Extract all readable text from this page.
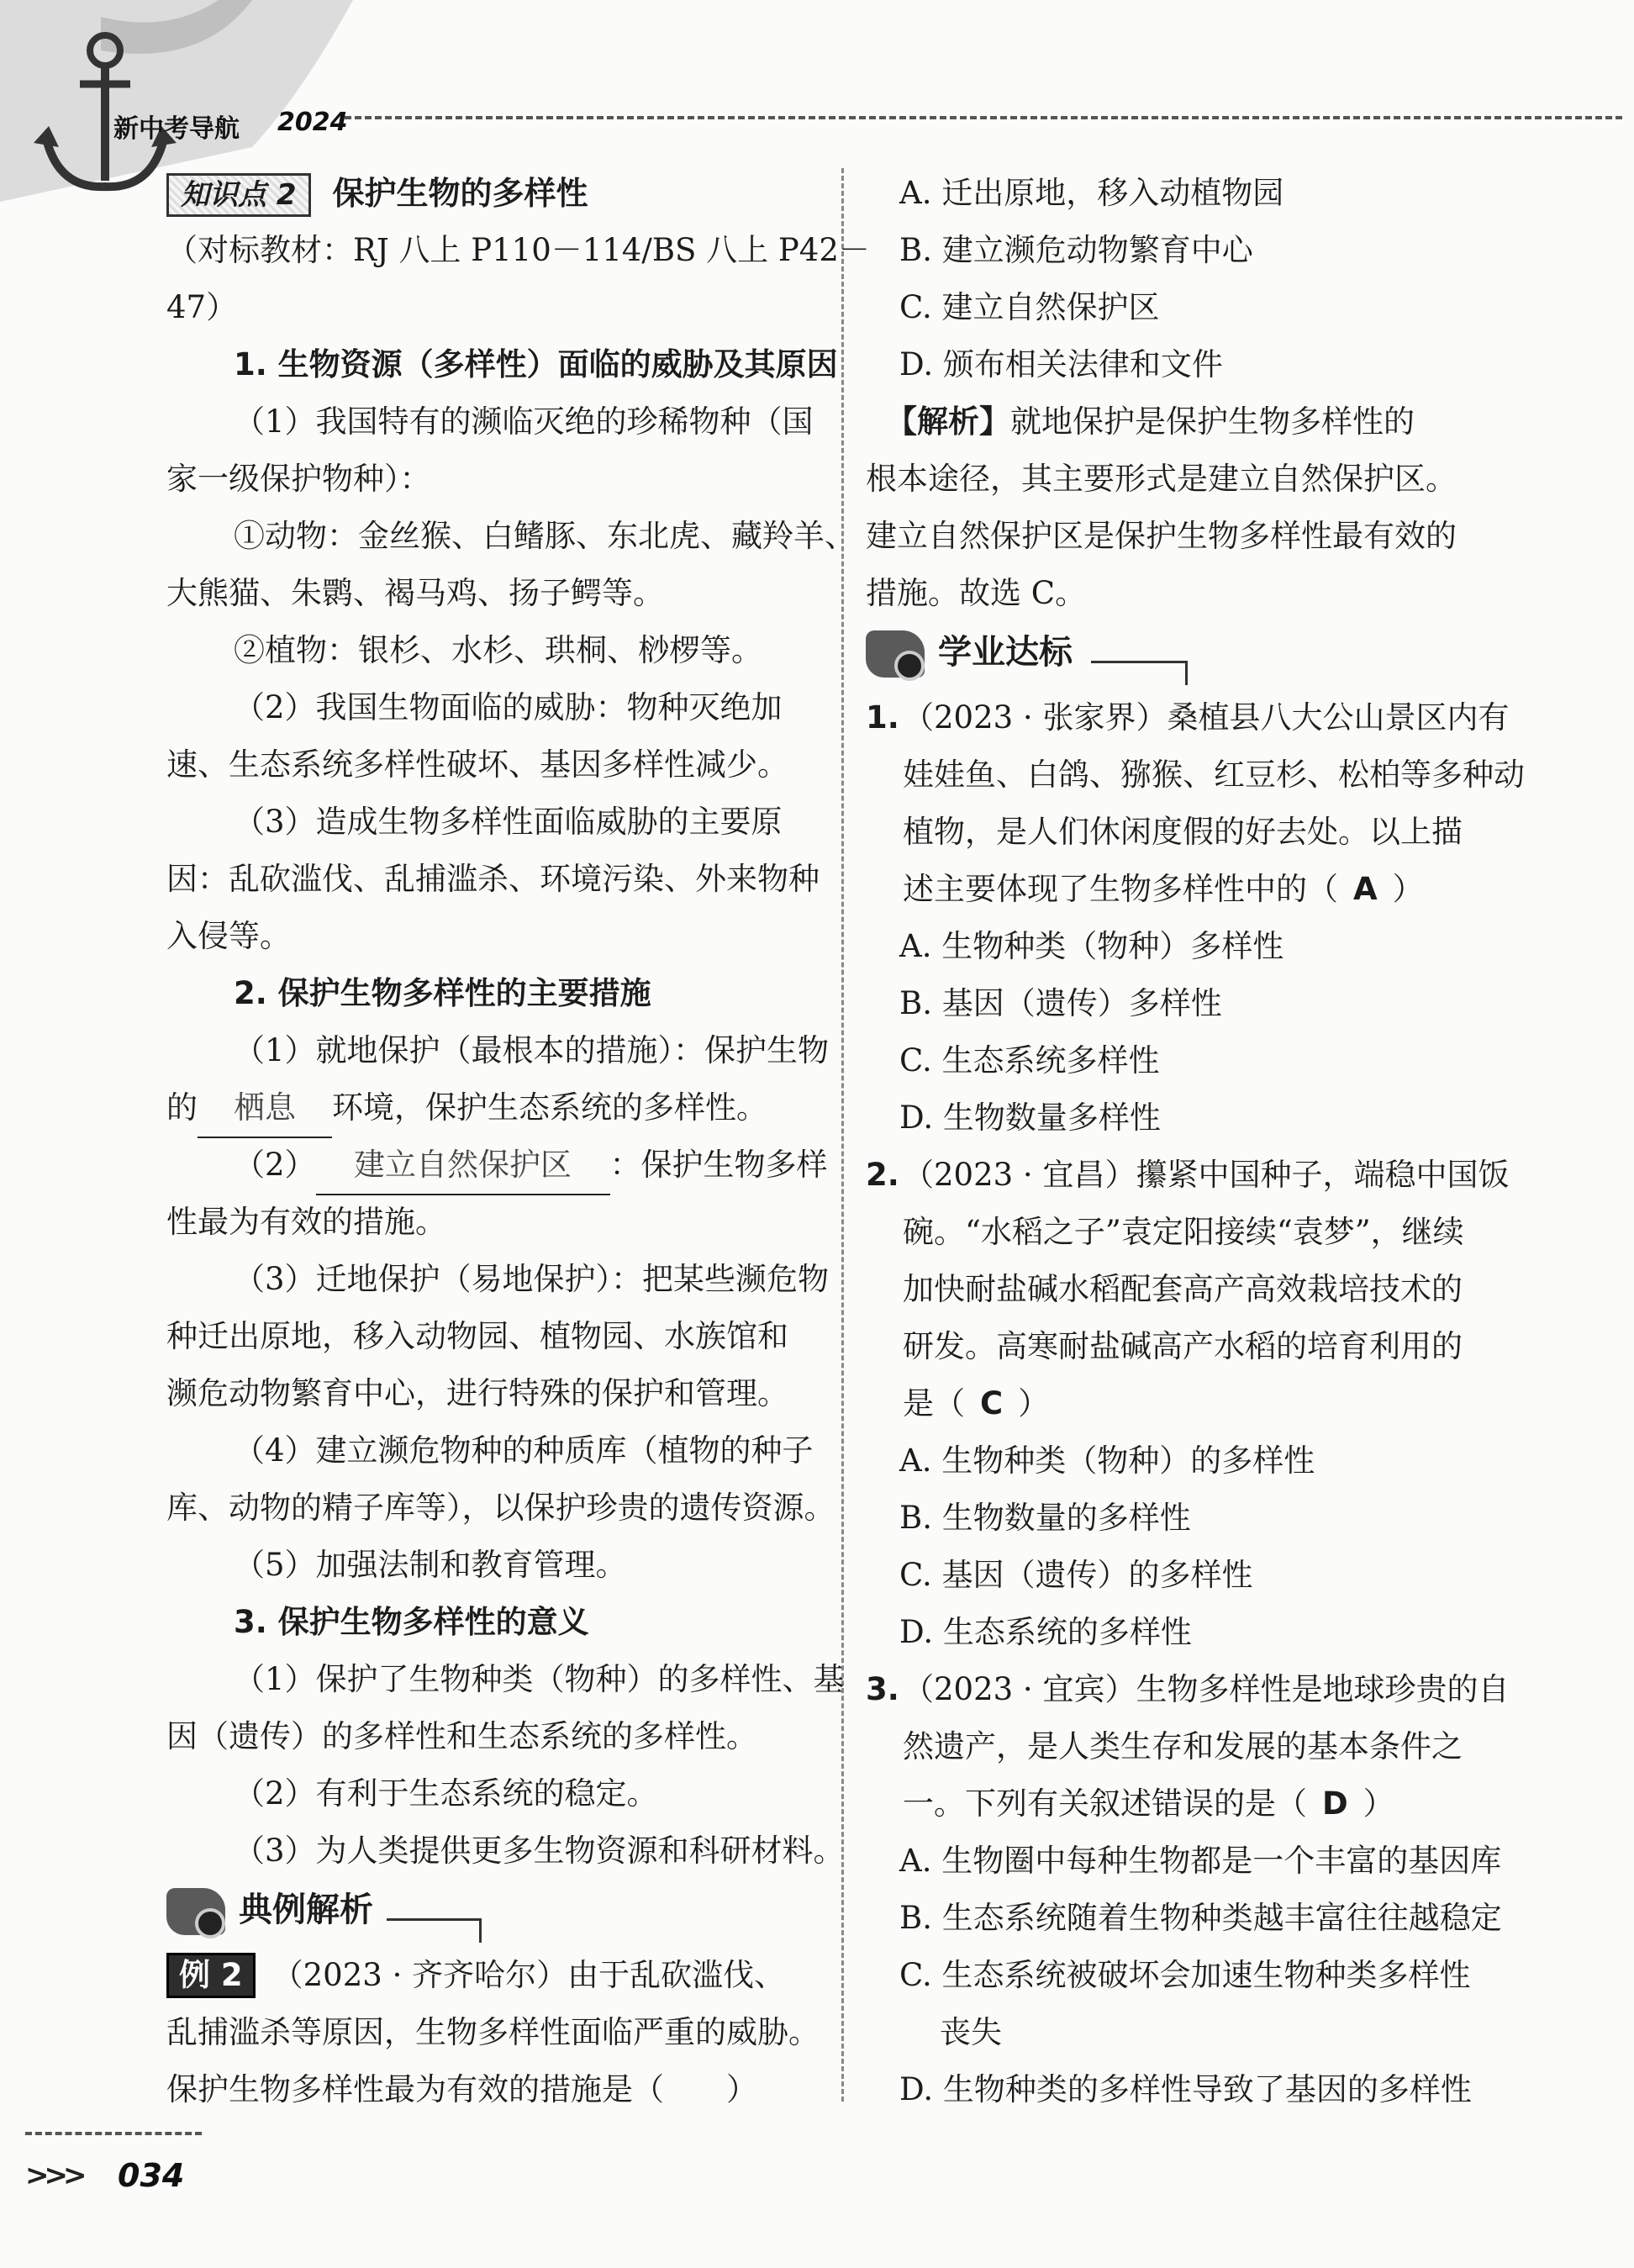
新中考导航 2024
知识点 2 保护生物的多样性
（对标教材：RJ 八上 P110－114/BS 八上 P42－
47）
1. 生物资源（多样性）面临的威胁及其原因
（1）我国特有的濒临灭绝的珍稀物种（国
家一级保护物种）：
①动物：金丝猴、白鳍豚、东北虎、藏羚羊、
大熊猫、朱鹮、褐马鸡、扬子鳄等。
②植物：银杉、水杉、珙桐、桫椤等。
（2）我国生物面临的威胁：物种灭绝加
速、生态系统多样性破坏、基因多样性减少。
（3）造成生物多样性面临威胁的主要原
因：乱砍滥伐、乱捕滥杀、环境污染、外来物种
入侵等。
2. 保护生物多样性的主要措施
（1）就地保护（最根本的措施）：保护生物
的 栖息 环境，保护生态系统的多样性。
（2） 建立自然保护区 ：保护生物多样
性最为有效的措施。
（3）迁地保护（易地保护）：把某些濒危物
种迁出原地，移入动物园、植物园、水族馆和
濒危动物繁育中心，进行特殊的保护和管理。
（4）建立濒危物种的种质库（植物的种子
库、动物的精子库等），以保护珍贵的遗传资源。
（5）加强法制和教育管理。
3. 保护生物多样性的意义
（1）保护了生物种类（物种）的多样性、基
因（遗传）的多样性和生态系统的多样性。
（2）有利于生态系统的稳定。
（3）为人类提供更多生物资源和科研材料。
典例解析
例 2 （2023 · 齐齐哈尔）由于乱砍滥伐、
乱捕滥杀等原因，生物多样性面临严重的威胁。
保护生物多样性最为有效的措施是（　　）
A. 迁出原地，移入动植物园
B. 建立濒危动物繁育中心
C. 建立自然保护区
D. 颁布相关法律和文件
【解析】就地保护是保护生物多样性的
根本途径，其主要形式是建立自然保护区。
建立自然保护区是保护生物多样性最有效的
措施。故选 C。
学业达标
1. （2023 · 张家界）桑植县八大公山景区内有
娃娃鱼、白鸽、猕猴、红豆杉、松柏等多种动
植物，是人们休闲度假的好去处。以上描
述主要体现了生物多样性中的（ A ）
A. 生物种类（物种）多样性
B. 基因（遗传）多样性
C. 生态系统多样性
D. 生物数量多样性
2. （2023 · 宜昌）攥紧中国种子，端稳中国饭
碗。“水稻之子”袁定阳接续“袁梦”，继续
加快耐盐碱水稻配套高产高效栽培技术的
研发。高寒耐盐碱高产水稻的培育利用的
是（ C ）
A. 生物种类（物种）的多样性
B. 生物数量的多样性
C. 基因（遗传）的多样性
D. 生态系统的多样性
3. （2023 · 宜宾）生物多样性是地球珍贵的自
然遗产，是人类生存和发展的基本条件之
一。下列有关叙述错误的是（ D ）
A. 生物圈中每种生物都是一个丰富的基因库
B. 生态系统随着生物种类越丰富往往越稳定
C. 生态系统被破坏会加速生物种类多样性
丧失
D. 生物种类的多样性导致了基因的多样性
>>> 034
